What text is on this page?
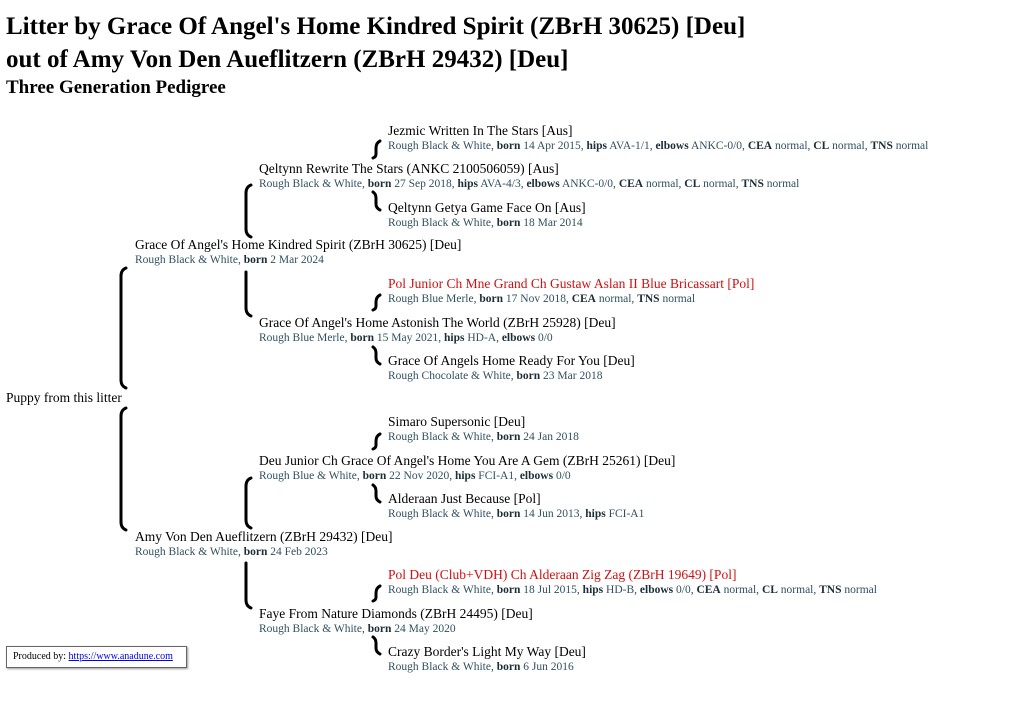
Litter by Grace Of Angel's Home Kindred Spirit (ZBrH 30625) [Deu]
out of Amy Von Den Aueflitzern (ZBrH 29432) [Deu]
Three Generation Pedigree
Puppy from this litter
Grace Of Angel's Home Kindred Spirit (ZBrH 30625) [Deu]
Rough Black & White, born 2 Mar 2024
Qeltynn Rewrite The Stars (ANKC 2100506059) [Aus]
Rough Black & White, born 27 Sep 2018, hips AVA-4/3, elbows ANKC-0/0, CEA normal, CL normal, TNS normal
Jezmic Written In The Stars [Aus]
Rough Black & White, born 14 Apr 2015, hips AVA-1/1, elbows ANKC-0/0, CEA normal, CL normal, TNS normal
Qeltynn Getya Game Face On [Aus]
Rough Black & White, born 18 Mar 2014
Grace Of Angel's Home Astonish The World (ZBrH 25928) [Deu]
Rough Blue Merle, born 15 May 2021, hips HD-A, elbows 0/0
Pol Junior Ch Mne Grand Ch Gustaw Aslan II Blue Bricassart [Pol]
Rough Blue Merle, born 17 Nov 2018, CEA normal, TNS normal
Grace Of Angels Home Ready For You [Deu]
Rough Chocolate & White, born 23 Mar 2018
Amy Von Den Aueflitzern (ZBrH 29432) [Deu]
Rough Black & White, born 24 Feb 2023
Deu Junior Ch Grace Of Angel's Home You Are A Gem (ZBrH 25261) [Deu]
Rough Blue & White, born 22 Nov 2020, hips FCI-A1, elbows 0/0
Simaro Supersonic [Deu]
Rough Black & White, born 24 Jan 2018
Alderaan Just Because [Pol]
Rough Black & White, born 14 Jun 2013, hips FCI-A1
Faye From Nature Diamonds (ZBrH 24495) [Deu]
Rough Black & White, born 24 May 2020
Pol Deu (Club+VDH) Ch Alderaan Zig Zag (ZBrH 19649) [Pol]
Rough Black & White, born 18 Jul 2015, hips HD-B, elbows 0/0, CEA normal, CL normal, TNS normal
Crazy Border's Light My Way [Deu]
Rough Black & White, born 6 Jun 2016
Produced by: https://www.anadune.com
